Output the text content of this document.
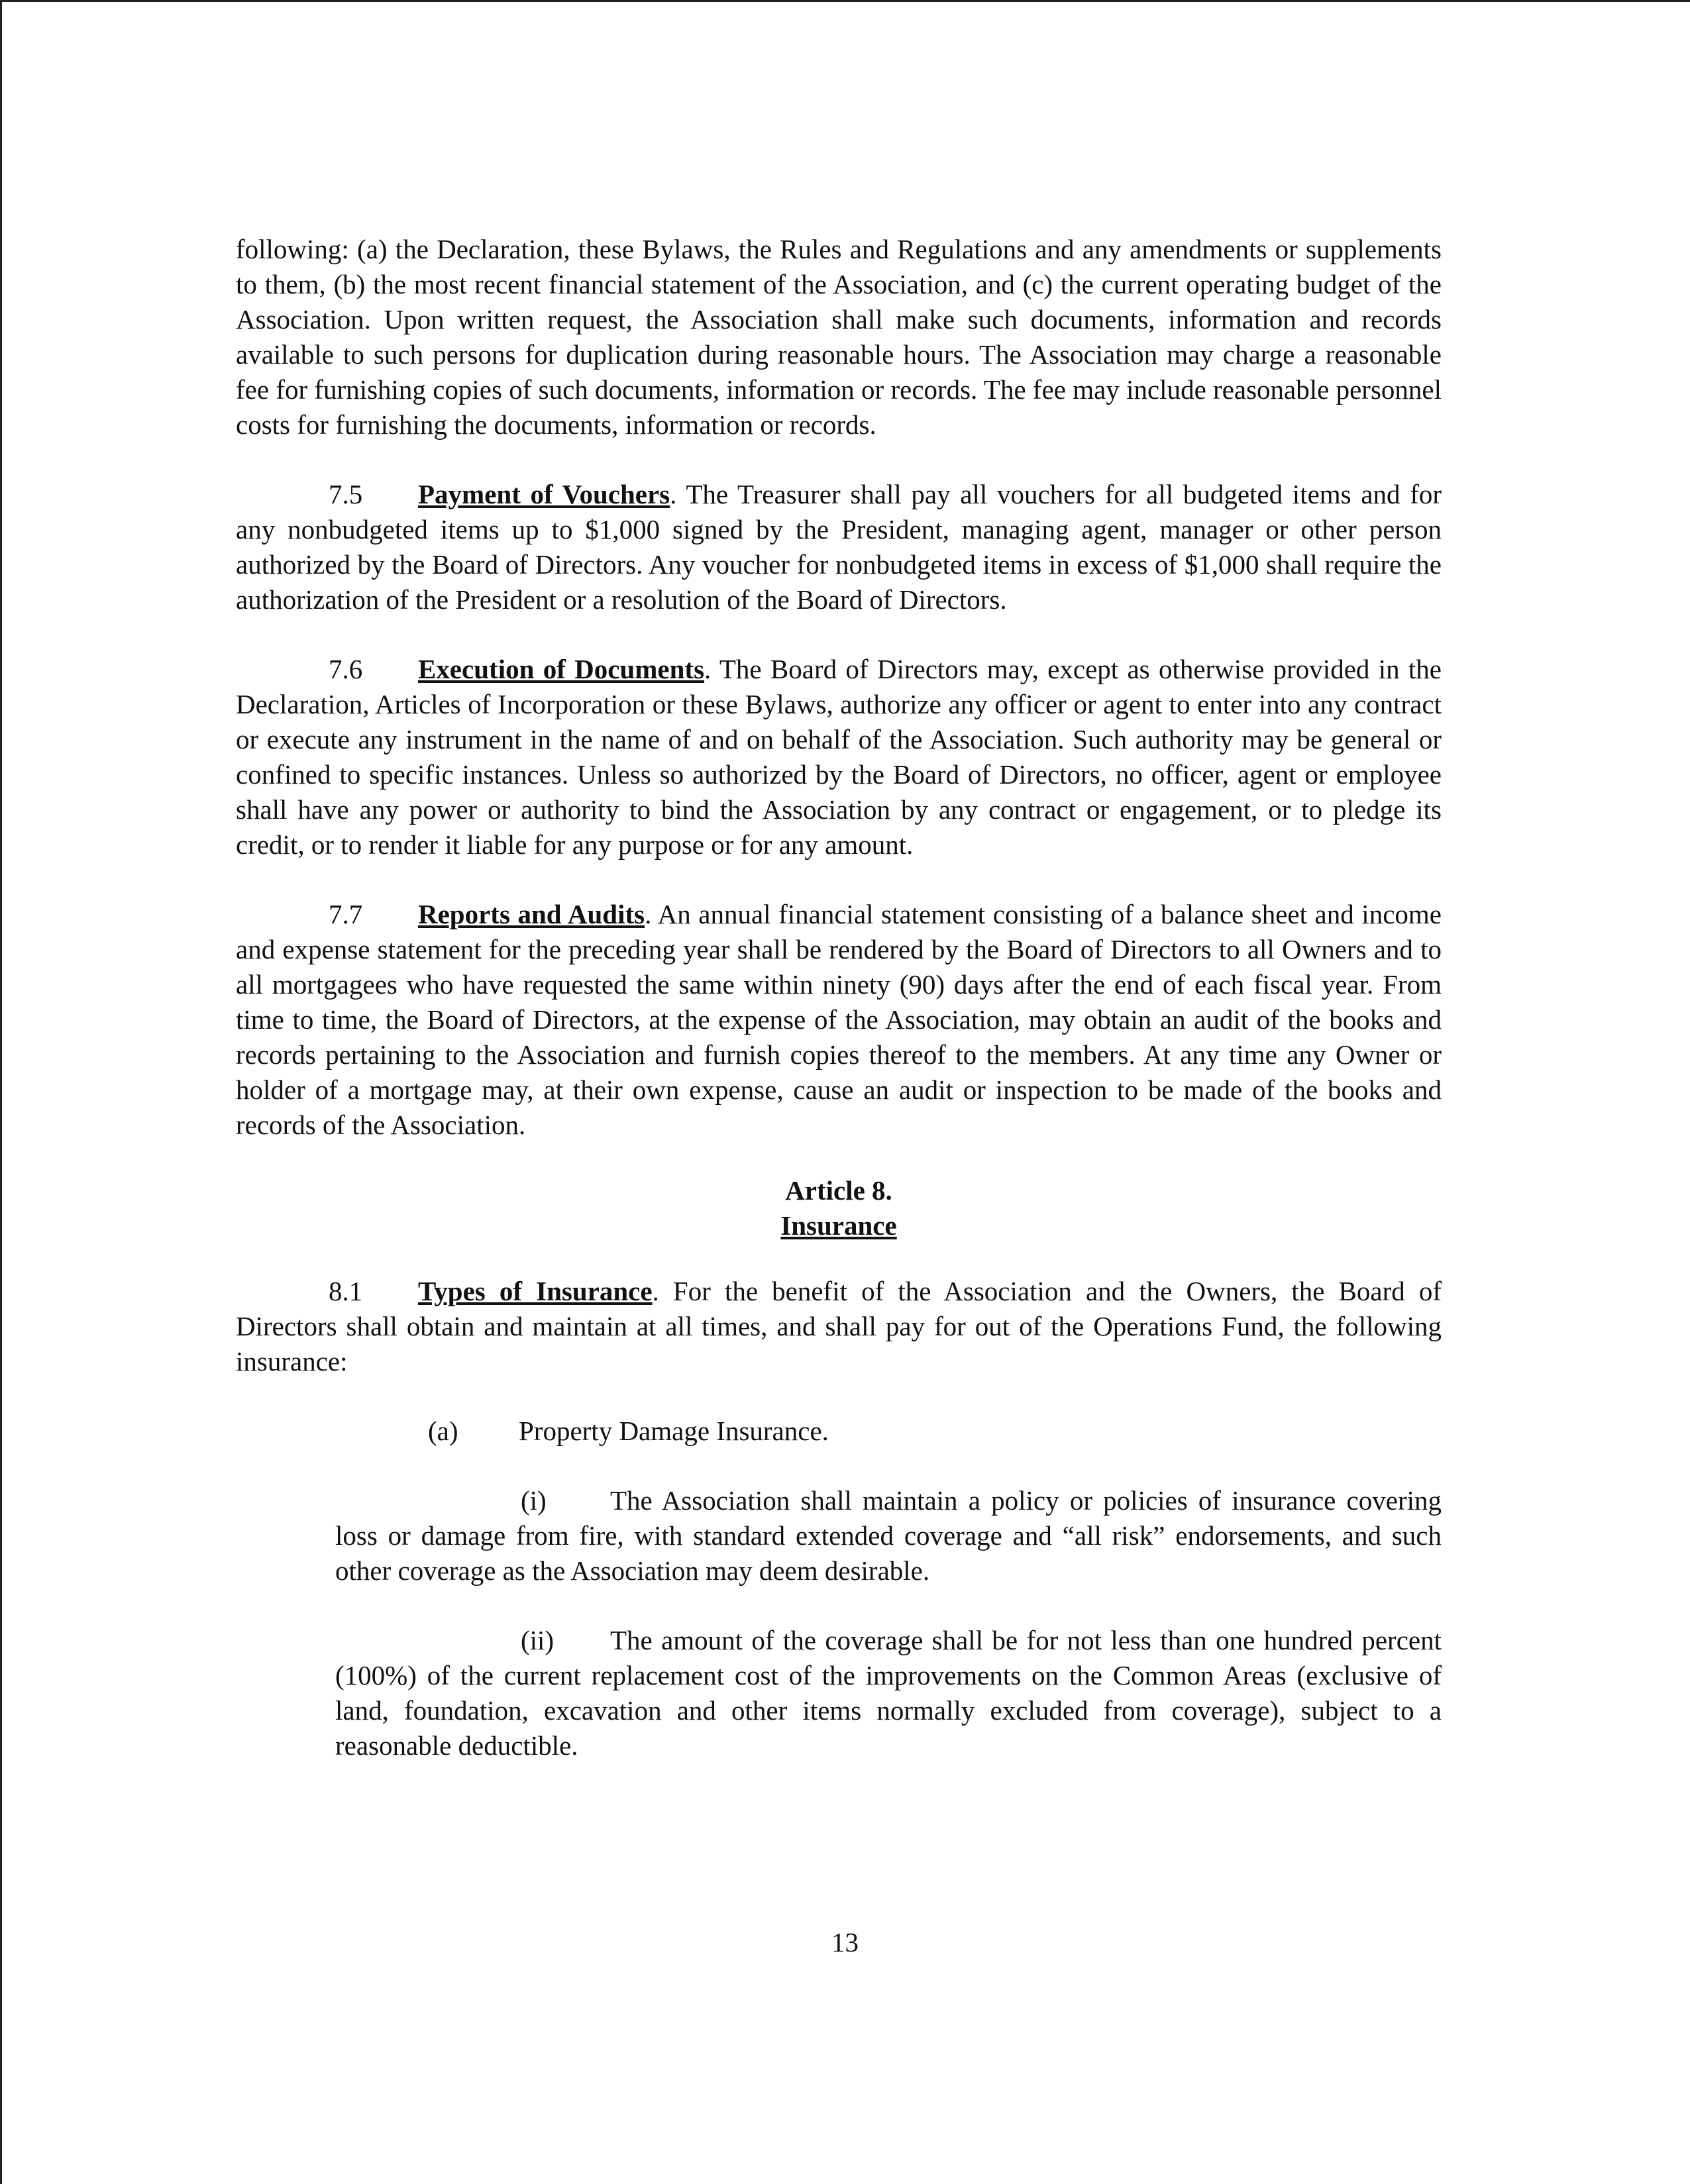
following: (a) the Declaration, these Bylaws, the Rules and Regulations and any amendments or supplements to them, (b) the most recent financial statement of the Association, and (c) the current operating budget of the Association. Upon written request, the Association shall make such documents, information and records available to such persons for duplication during reasonable hours. The Association may charge a reasonable fee for furnishing copies of such documents, information or records. The fee may include reasonable personnel costs for furnishing the documents, information or records.

7.5 Payment of Vouchers. The Treasurer shall pay all vouchers for all budgeted items and for any nonbudgeted items up to $1,000 signed by the President, managing agent, manager or other person authorized by the Board of Directors. Any voucher for nonbudgeted items in excess of $1,000 shall require the authorization of the President or a resolution of the Board of Directors.

7.6 Execution of Documents. The Board of Directors may, except as otherwise provided in the Declaration, Articles of Incorporation or these Bylaws, authorize any officer or agent to enter into any contract or execute any instrument in the name of and on behalf of the Association. Such authority may be general or confined to specific instances. Unless so authorized by the Board of Directors, no officer, agent or employee shall have any power or authority to bind the Association by any contract or engagement, or to pledge its credit, or to render it liable for any purpose or for any amount.

7.7 Reports and Audits. An annual financial statement consisting of a balance sheet and income and expense statement for the preceding year shall be rendered by the Board of Directors to all Owners and to all mortgagees who have requested the same within ninety (90) days after the end of each fiscal year. From time to time, the Board of Directors, at the expense of the Association, may obtain an audit of the books and records pertaining to the Association and furnish copies thereof to the members. At any time any Owner or holder of a mortgage may, at their own expense, cause an audit or inspection to be made of the books and records of the Association.

Article 8.
Insurance

8.1 Types of Insurance. For the benefit of the Association and the Owners, the Board of Directors shall obtain and maintain at all times, and shall pay for out of the Operations Fund, the following insurance:

(a) Property Damage Insurance.

(i) The Association shall maintain a policy or policies of insurance covering loss or damage from fire, with standard extended coverage and “all risk” endorsements, and such other coverage as the Association may deem desirable.

(ii) The amount of the coverage shall be for not less than one hundred percent (100%) of the current replacement cost of the improvements on the Common Areas (exclusive of land, foundation, excavation and other items normally excluded from coverage), subject to a reasonable deductible.

13
